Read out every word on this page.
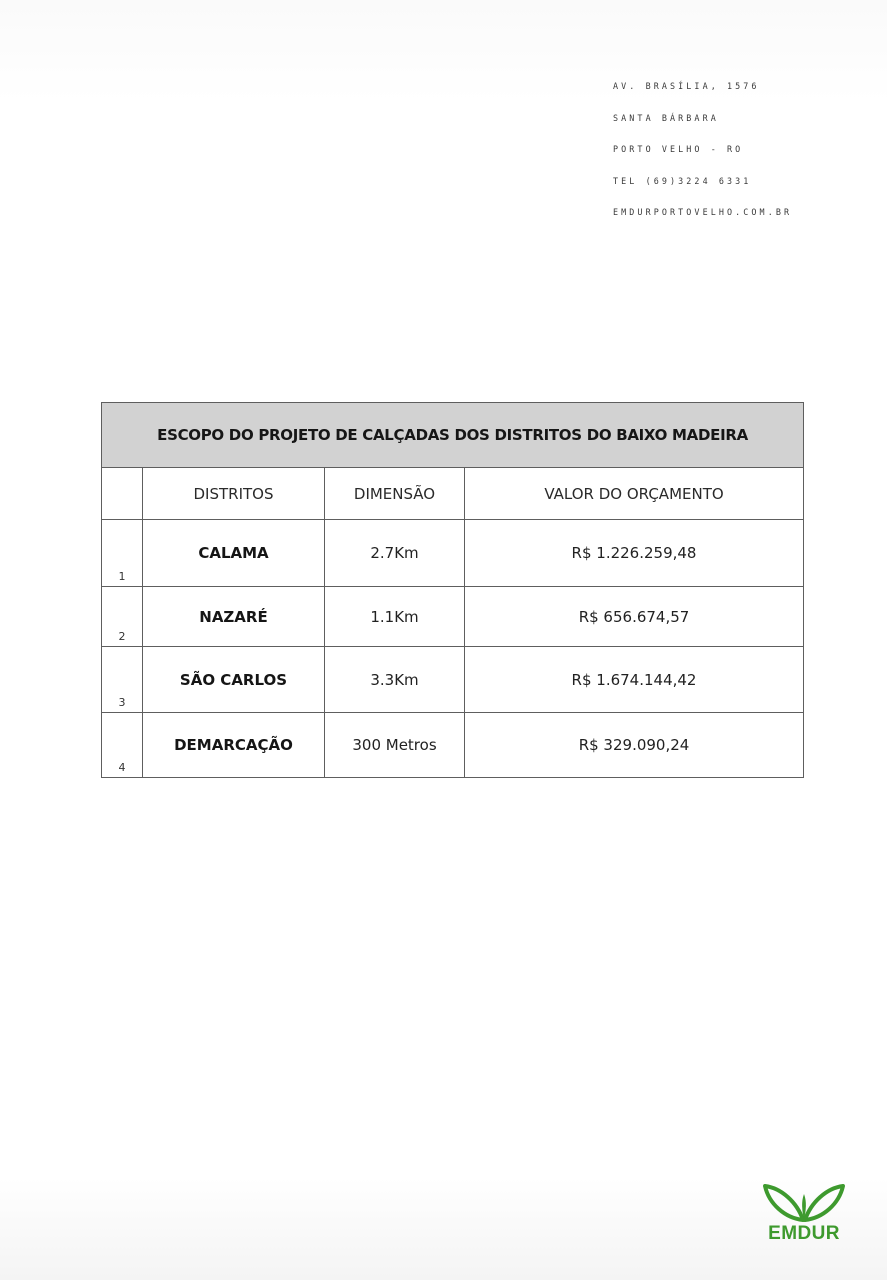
AV. BRASÍLIA, 1576

SANTA BÁRBARA

PORTO VELHO - RO

TEL (69)3224 6331

EMDURPORTOVELHO.COM.BR

ESCOPO DO PROJETO DE CALÇADAS DOS DISTRITOS DO BAIXO MADEIRA			
	DISTRITOS	DIMENSÃO	VALOR DO ORÇAMENTO
1	CALAMA	2.7Km	R$ 1.226.259,48
2	NAZARÉ	1.1Km	R$ 656.674,57
3	SÃO CARLOS	3.3Km	R$ 1.674.144,42
4	DEMARCAÇÃO	300 Metros	R$ 329.090,24
EMDUR
